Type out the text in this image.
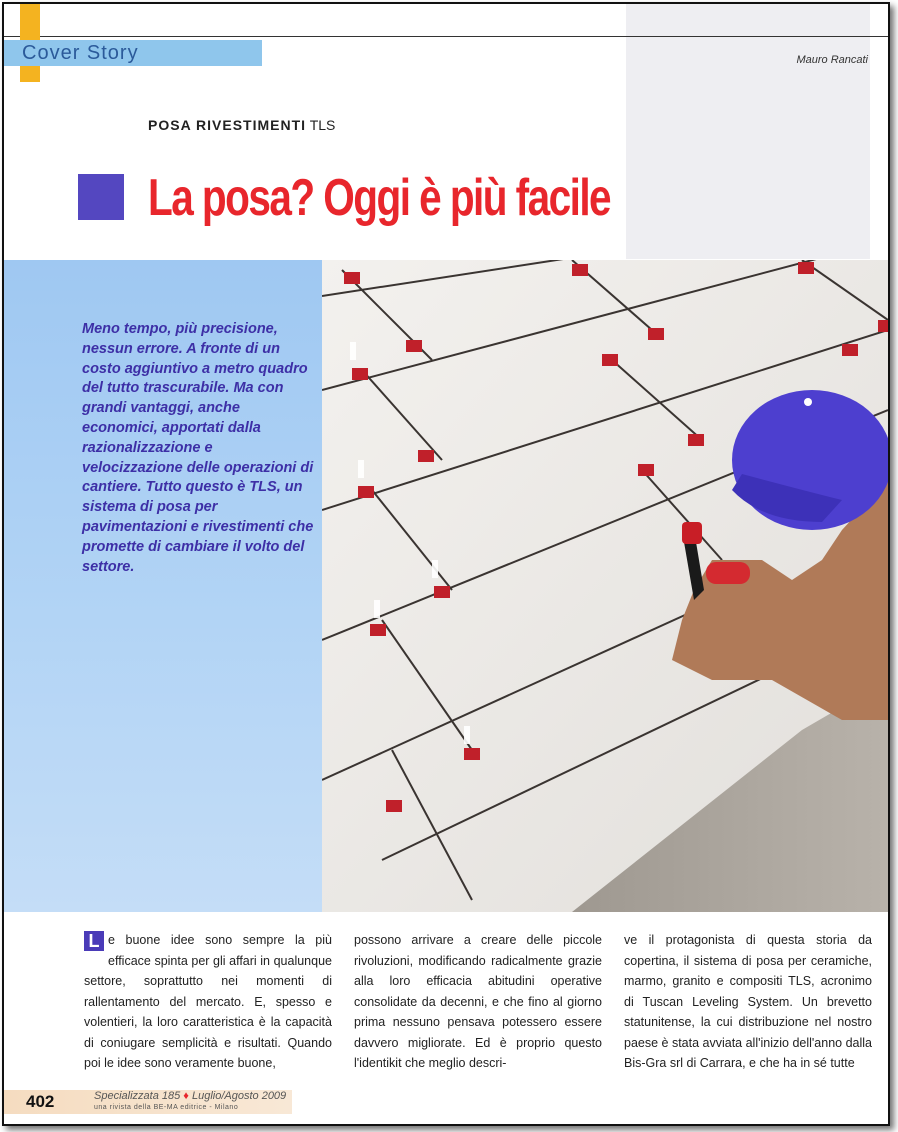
Cover Story	Mauro Rancati
POSA RIVESTIMENTI TLS
La posa? Oggi è più facile
Meno tempo, più precisione, nessun errore. A fronte di un costo aggiuntivo a metro quadro del tutto trascurabile. Ma con grandi vantaggi, anche economici, apportati dalla razionalizzazione e velocizzazione delle operazioni di cantiere. Tutto questo è TLS, un sistema di posa per pavimentazioni e rivestimenti che promette di cambiare il volto del settore.
L e buone idee sono sempre la più efficace spinta per gli affari in qualunque settore, soprattutto nei momenti di rallentamento del mercato. E, spesso e volentieri, la loro caratteristica è la capacità di coniugare semplicità e risultati. Quando poi le idee sono veramente buone,
possono arrivare a creare delle piccole rivoluzioni, modificando radicalmente grazie alla loro efficacia abitudini operative consolidate da decenni, e che fino al giorno prima nessuno pensava potessero essere davvero migliorate. Ed è proprio questo l'identikit che meglio descri-
ve il protagonista di questa storia da copertina, il sistema di posa per ceramiche, marmo, granito e compositi TLS, acronimo di Tuscan Leveling System. Un brevetto statunitense, la cui distribuzione nel nostro paese è stata avviata all'inizio dell'anno dalla Bis-Gra srl di Carrara, e che ha in sé tutte
402	Specializzata 185 ♦ Luglio/Agosto 2009
una rivista della BE-MA editrice - Milano
